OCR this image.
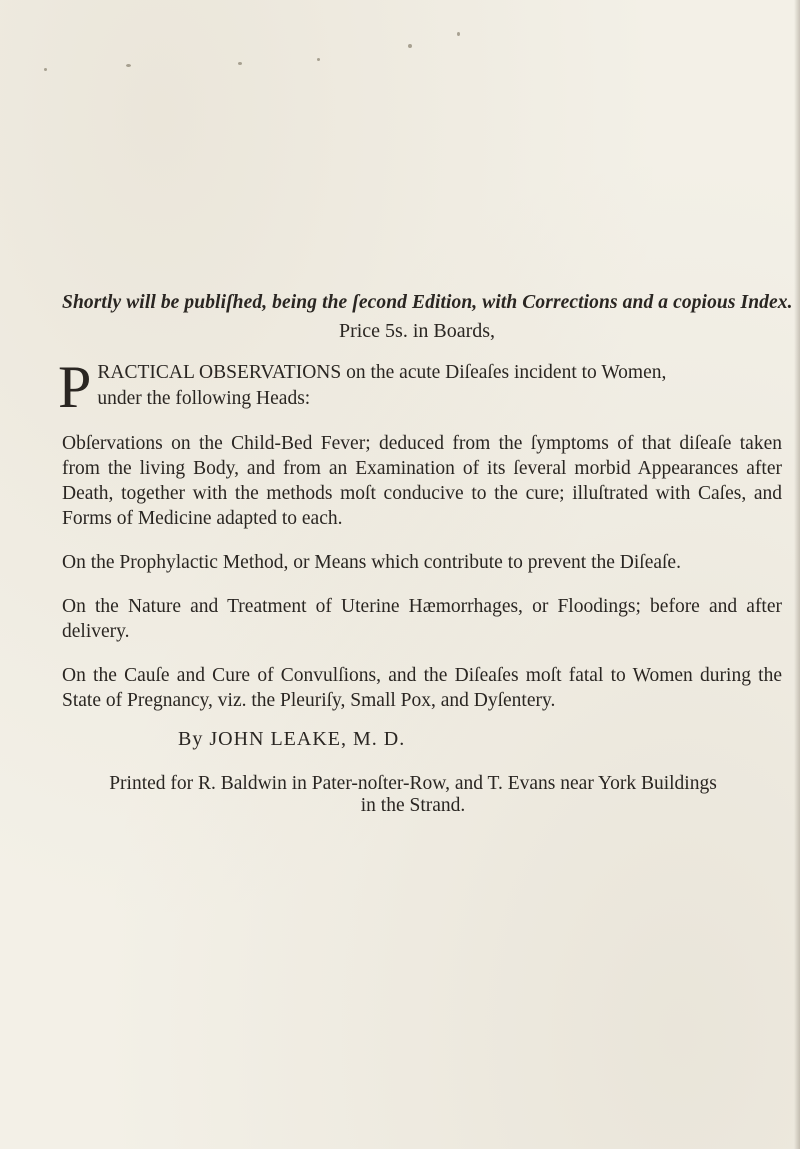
Shortly will be publiſhed, being the ſecond Edition, with Corrections and a copious Index.

Price 5s. in Boards,

P RACTICAL OBSERVATIONS on the acute Diſeaſes incident to Women,
under the following Heads:

Obſervations on the Child-Bed Fever; deduced from the ſymptoms of that diſeaſe taken from the living Body, and from an Examination of its ſeveral morbid Appearances after Death, together with the methods moſt conducive to the cure; illuſtrated with Caſes, and Forms of Medicine adapted to each.

On the Prophylactic Method, or Means which contribute to prevent the Diſeaſe.

On the Nature and Treatment of Uterine Hæmorrhages, or Floodings; before and after delivery.

On the Cauſe and Cure of Convulſions, and the Diſeaſes moſt fatal to Women during the State of Pregnancy, viz. the Pleuriſy, Small Pox, and Dyſentery.

By JOHN LEAKE, M. D.

Printed for R. Baldwin in Pater-noſter-Row, and T. Evans near York Buildings
in the Strand.
